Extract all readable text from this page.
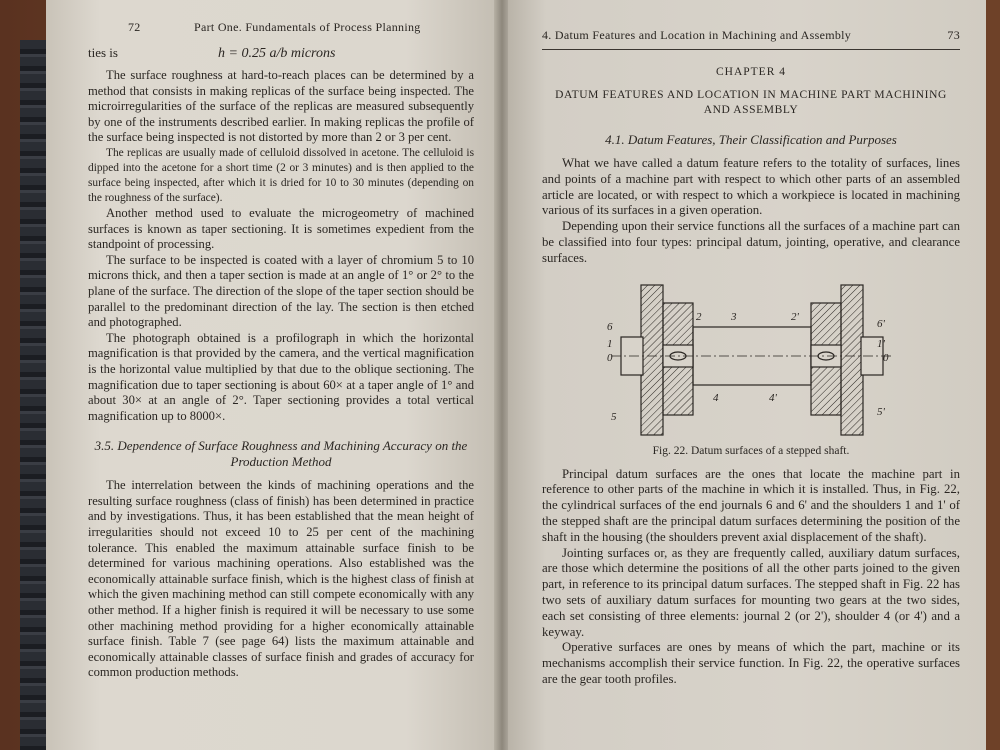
72	Part One. Fundamentals of Process Planning
ties is	h = 0.25 a/b microns

The surface roughness at hard-to-reach places can be determined by a method that consists in making replicas of the surface being inspected. The microirregularities of the surface of the replicas are measured subsequently by one of the instruments described earlier. In making replicas the profile of the surface being inspected is not distorted by more than 2 or 3 per cent.

The replicas are usually made of celluloid dissolved in acetone. The celluloid is dipped into the acetone for a short time (2 or 3 minutes) and is then applied to the surface being inspected, after which it is dried for 10 to 30 minutes (depending on the roughness of the surface).

Another method used to evaluate the microgeometry of machined surfaces is known as taper sectioning. It is sometimes expedient from the standpoint of processing.

The surface to be inspected is coated with a layer of chromium 5 to 10 microns thick, and then a taper section is made at an angle of 1° or 2° to the plane of the surface. The direction of the slope of the taper section should be parallel to the predominant direction of the lay. The section is then etched and photographed.

The photograph obtained is a profilograph in which the horizontal magnification is that provided by the camera, and the vertical magnification is the horizontal value multiplied by that due to the oblique sectioning. The magnification due to taper sectioning is about 60× at a taper angle of 1° and about 30× at an angle of 2°. Taper sectioning provides a total vertical magnification up to 8000×.

3.5. Dependence of Surface Roughness and Machining Accuracy on the Production Method

The interrelation between the kinds of machining operations and the resulting surface roughness (class of finish) has been determined in practice and by investigations. Thus, it has been established that the mean height of irregularities should not exceed 10 to 25 per cent of the machining tolerance. This enabled the maximum attainable surface finish to be determined for various machining operations. Also established was the economically attainable surface finish, which is the highest class of finish at which the given machining method can still compete economically with any other method. If a higher finish is required it will be necessary to use some other machining method providing for a higher economically attainable surface finish. Table 7 (see page 64) lists the maximum attainable and economically attainable classes of surface finish and grades of accuracy for common production methods.

4. Datum Features and Location in Machining and Assembly	73
CHAPTER 4
DATUM FEATURES AND LOCATION IN MACHINE PART MACHINING AND ASSEMBLY
4.1. Datum Features, Their Classification and Purposes

What we have called a datum feature refers to the totality of surfaces, lines and points of a machine part with respect to which other parts of an assembled article are located, or with respect to which a workpiece is located in machining various of its surfaces in a given operation.

Depending upon their service functions all the surfaces of a machine part can be classified into four types: principal datum, jointing, operative, and clearance surfaces.

6
1
0
5
2	3	2'
4	4'
6'
1'
0
5'
Fig. 22. Datum surfaces of a stepped shaft.

Principal datum surfaces are the ones that locate the machine part in reference to other parts of the machine in which it is installed. Thus, in Fig. 22, the cylindrical surfaces of the end journals 6 and 6' and the shoulders 1 and 1' of the stepped shaft are the principal datum surfaces determining the position of the shaft in the housing (the shoulders prevent axial displacement of the shaft).

Jointing surfaces or, as they are frequently called, auxiliary datum surfaces, are those which determine the positions of all the other parts joined to the given part, in reference to its principal datum surfaces. The stepped shaft in Fig. 22 has two sets of auxiliary datum surfaces for mounting two gears at the two sides, each set consisting of three elements: journal 2 (or 2'), shoulder 4 (or 4') and a keyway.

Operative surfaces are ones by means of which the part, machine or its mechanisms accomplish their service function. In Fig. 22, the operative surfaces are the gear tooth profiles.
